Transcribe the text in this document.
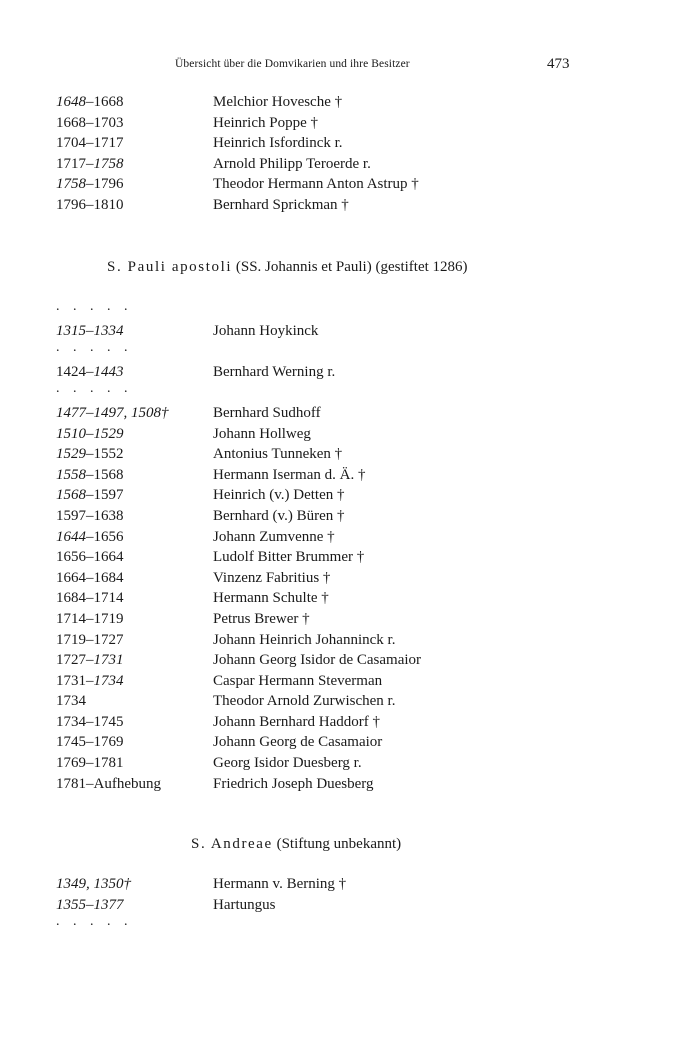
Übersicht über die Domvikarien und ihre Besitzer	473
1648–1668	Melchior Hovesche †
1668–1703	Heinrich Poppe †
1704–1717	Heinrich Isfordinck r.
1717–1758	Arnold Philipp Teroerde r.
1758–1796	Theodor Hermann Anton Astrup †
1796–1810	Bernhard Sprickman †
S. Pauli apostoli (SS. Johannis et Pauli) (gestiftet 1286)
. . . . .
1315–1334	Johann Hoykinck
. . . . .
1424–1443	Bernhard Werning r.
. . . . .
1477–1497, 1508†	Bernhard Sudhoff
1510–1529	Johann Hollweg
1529–1552	Antonius Tunneken †
1558–1568	Hermann Iserman d. Ä. †
1568–1597	Heinrich (v.) Detten †
1597–1638	Bernhard (v.) Büren †
1644–1656	Johann Zumvenne †
1656–1664	Ludolf Bitter Brummer †
1664–1684	Vinzenz Fabritius †
1684–1714	Hermann Schulte †
1714–1719	Petrus Brewer †
1719–1727	Johann Heinrich Johanninck r.
1727–1731	Johann Georg Isidor de Casamaior
1731–1734	Caspar Hermann Steverman
1734	Theodor Arnold Zurwischen r.
1734–1745	Johann Bernhard Haddorf †
1745–1769	Johann Georg de Casamaior
1769–1781	Georg Isidor Duesberg r.
1781–Aufhebung	Friedrich Joseph Duesberg
S. Andreae (Stiftung unbekannt)
1349, 1350†	Hermann v. Berning †
1355–1377	Hartungus
. . . . .
